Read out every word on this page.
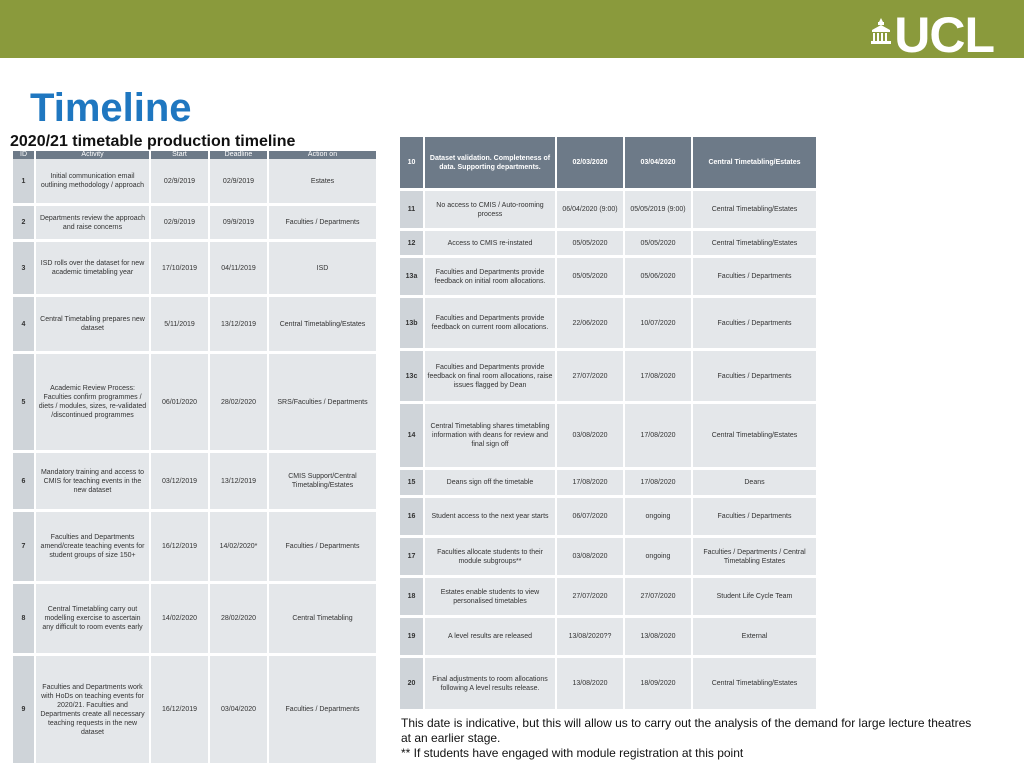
UCL
Timeline
2020/21 timetable production timeline
ID	Activity	Start	Deadline	Action on
1	Initial communication email outlining methodology / approach	02/9/2019	02/9/2019	Estates
2	Departments review the approach and raise concerns	02/9/2019	09/9/2019	Faculties / Departments
3	ISD rolls over the dataset for new academic timetabling year	17/10/2019	04/11/2019	ISD
4	Central Timetabling prepares new dataset	5/11/2019	13/12/2019	Central Timetabling/Estates
5	Academic Review Process: Faculties confirm programmes / diets / modules, sizes, re-validated /discontinued programmes	06/01/2020	28/02/2020	SRS/Faculties / Departments
6	Mandatory training and access to CMIS for teaching events in the new dataset	03/12/2019	13/12/2019	CMIS Support/Central Timetabling/Estates
7	Faculties and Departments amend/create teaching events for student groups of size 150+	16/12/2019	14/02/2020*	Faculties / Departments
8	Central Timetabling carry out modelling exercise to ascertain any difficult to room events early	14/02/2020	28/02/2020	Central Timetabling
9	Faculties and Departments work with HoDs on teaching events for 2020/21. Faculties and Departments create all necessary teaching requests in the new dataset	16/12/2019	03/04/2020	Faculties / Departments
10	Dataset validation. Completeness of data. Supporting departments.	02/03/2020	03/04/2020	Central Timetabling/Estates
11	No access to CMIS / Auto-rooming process	06/04/2020 (9:00)	05/05/2019 (9:00)	Central Timetabling/Estates
12	Access to CMIS re-instated	05/05/2020	05/05/2020	Central Timetabling/Estates
13a	Faculties and Departments provide feedback on initial room allocations.	05/05/2020	05/06/2020	Faculties / Departments
13b	Faculties and Departments provide feedback on current room allocations.	22/06/2020	10/07/2020	Faculties / Departments
13c	Faculties and Departments provide feedback on final room allocations, raise issues flagged by Dean	27/07/2020	17/08/2020	Faculties / Departments
14	Central Timetabling shares timetabling information with deans for review and final sign off	03/08/2020	17/08/2020	Central Timetabling/Estates
15	Deans sign off the timetable	17/08/2020	17/08/2020	Deans
16	Student access to the next year starts	06/07/2020	ongoing	Faculties / Departments
17	Faculties allocate students to their module subgroups**	03/08/2020	ongoing	Faculties / Departments / Central Timetabling Estates
18	Estates enable students to view personalised timetables	27/07/2020	27/07/2020	Student Life Cycle Team
19	A level results are released	13/08/2020??	13/08/2020	External
20	Final adjustments to room allocations following A level results release.	13/08/2020	18/09/2020	Central Timetabling/Estates

This date is indicative, but this will allow us to carry out the analysis of the demand for large lecture theatres at an earlier stage.

** If students have engaged with module registration at this point
